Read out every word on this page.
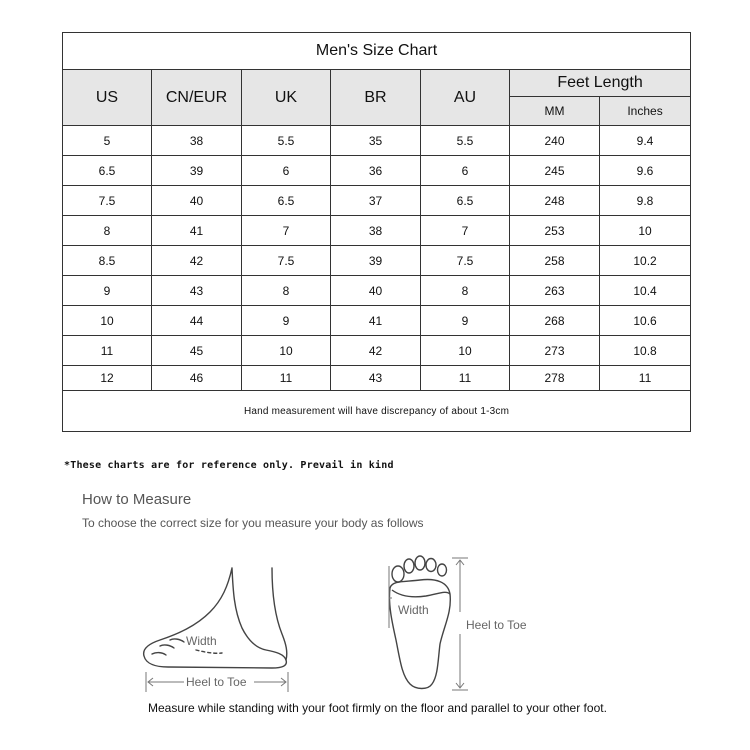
Men's Size Chart						
US	CN/EUR	UK	BR	AU	Feet Length	
					MM	Inches
5	38	5.5	35	5.5	240	9.4
6.5	39	6	36	6	245	9.6
7.5	40	6.5	37	6.5	248	9.8
8	41	7	38	7	253	10
8.5	42	7.5	39	7.5	258	10.2
9	43	8	40	8	263	10.4
10	44	9	41	9	268	10.6
11	45	10	42	10	273	10.8
12	46	11	43	11	278	11
Hand measurement will have discrepancy of about 1-3cm						
*These charts are for reference only. Prevail in kind
How to Measure
To choose the correct size for you measure your body as follows
Width
Heel to Toe
Width
Heel to Toe
Measure while standing with your foot firmly on the floor and parallel to your other foot.
